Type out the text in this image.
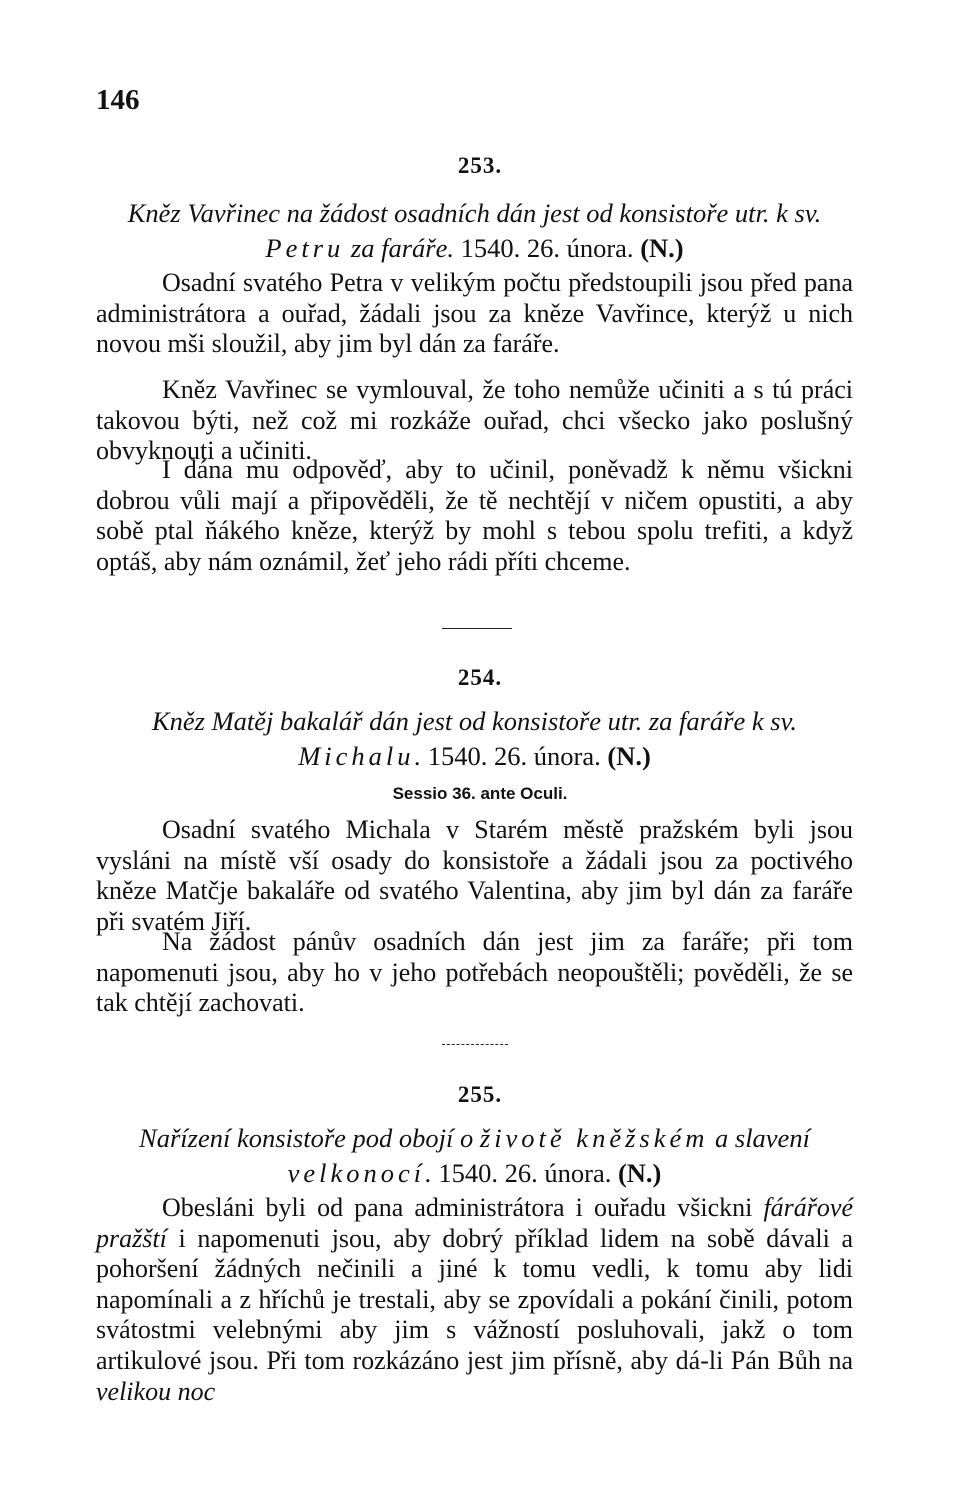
146
253.
Kněz Vavřinec na žádost osadních dán jest od konsistoře utr. k sv. Petru za faráře. 1540. 26. února. (N.)
Osadní svatého Petra v velikým počtu předstoupili jsou před pana administrátora a ouřad, žádali jsou za kněze Vavřince, kterýž u nich novou mši sloužil, aby jim byl dán za faráře.
Kněz Vavřinec se vymlouval, že toho nemůže učiniti a s tú práci takovou býti, než což mi rozkáže ouřad, chci všecko jako poslušný obvyknouti a učiniti.
I dána mu odpověď, aby to učinil, poněvadž k němu všickni dobrou vůli mají a připověděli, že tě nechtějí v ničem opustiti, a aby sobě ptal ňákého kněze, kterýž by mohl s tebou spolu trefiti, a když optáš, aby nám oznámil, žeť jeho rádi příti chceme.
254.
Kněz Matěj bakalář dán jest od konsistoře utr. za faráře k sv. Michalu. 1540. 26. února. (N.)
Sessio 36. ante Oculi.
Osadní svatého Michala v Starém městě pražském byli jsou vysláni na místě vší osady do konsistoře a žádali jsou za poctivého kněze Matčje bakaláře od svatého Valentina, aby jim byl dán za faráře při svatém Jiří.
Na žádost pánův osadních dán jest jim za faráře; při tom napomenuti jsou, aby ho v jeho potřebách neopouštěli; pověděli, že se tak chtějí zachovati.
255.
Nařízení konsistoře pod obojí o životě kněžském a slavení velkonocí. 1540. 26. února. (N.)
Obesláni byli od pana administrátora i ouřadu všickni fárářové pražští i napomenuti jsou, aby dobrý příklad lidem na sobě dávali a pohoršení žádných nečinili a jiné k tomu vedli, k tomu aby lidi napomínali a z hříchů je trestali, aby se zpovídali a pokání činili, potom svátostmi velebnými aby jim s vážností posluhovali, jakž o tom artikulové jsou. Při tom rozkázáno jest jim přísně, aby dá-li Pán Bůh na velikou noc
